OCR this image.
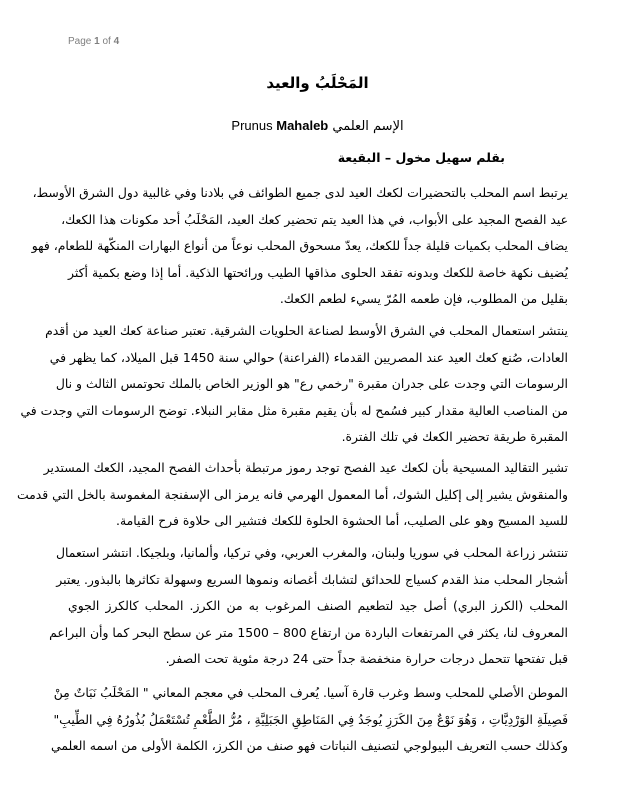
Page 1 of 4
المَحْلَبُ والعيد
الإسم العلمي Prunus Mahaleb
بقلم سهيل مخول – البقيعة
يرتبط اسم المحلب بالتحضيرات لكعك العيد لدى جميع الطوائف في بلادنا وفي غالبية دول الشرق الأوسط،
عيد الفصح المجيد على الأبواب، في هذا العيد يتم تحضير كعك العيد، المَحْلَبُ أحد مكونات هذا الكعك،
يضاف المحلب بكميات قليلة جداً للكعك، يعدّ مسحوق المحلب نوعاً من أنواع البهارات المنكّهة للطعام، فهو
يُضيف نكهة خاصة للكعك وبدونه تفقد الحلوى مذاقها الطيب ورائحتها الذكية. أما إذا وضع بكمية أكثر
بقليل من المطلوب، فإن طعمه المُرّ يسيء لطعم الكعك.
ينتشر استعمال المحلب في الشرق الأوسط لصناعة الحلويات الشرقية. تعتبر صناعة كعك العيد من أقدم
العادات، صُنع كعك العيد عند المصريين القدماء (الفراعنة) حوالي سنة 1450 قبل الميلاد، كما يظهر في
الرسومات التي وجدت على جدران مقبرة "رخمي رع" هو الوزير الخاص بالملك تحوتمس الثالث و نال
من المناصب العالية مقدار كبير فسُمح له بأن يقيم مقبرة مثل مقابر النبلاء. توضح الرسومات التي وجدت في
المقبرة طريقة تحضير الكعك في تلك الفترة.
تشير التقاليد المسيحية بأن لكعك عيد الفصح توجد رموز مرتبطة بأحداث الفصح المجيد، الكعك المستدير
والمنقوش يشير إلى إكليل الشوك، أما المعمول الهرمي فانه يرمز الى الإسفنجة المغموسة بالخل التي قدمت
للسيد المسيح وهو على الصليب، أما الحشوة الحلوة للكعك فتشير الى حلاوة فرح القيامة.
تنتشر زراعة المحلب في سوريا ولبنان، والمغرب العربي، وفي تركيا، وألمانيا، وبلجيكا. انتشر استعمال
أشجار المحلب منذ القدم كسياج للحدائق لتشابك أغصانه ونموها السريع وسهولة تكاثرها بالبذور. يعتبر
المحلب (الكرز البري) أصل جيد لتطعيم الصنف المرغوب به من الكرز. المحلب كالكرز الجوي
المعروف لنا، يكثر في المرتفعات الباردة من ارتفاع 800 – 1500 متر عن سطح البحر كما وأن البراعم
قبل تفتحها تتحمل درجات حرارة منخفضة جداً حتى 24 درجة مئوية تحت الصفر.
الموطن الأصلي للمحلب وسط وغرب قارة آسيا. يُعرف المحلب في معجم المعاني " المَحْلَبُ نَبَاتٌ مِنْ
فَصِيلَةِ الوَرْدِيَّاتِ ، وَهُوَ نَوْعٌ مِنَ الكَرَزِ يُوجَدُ فِي المَنَاطِقِ الجَبَلِيَّةِ ، مُرُّ الطَّعْمِ تُسْتَعْمَلُ بُذُورُهُ فِي الطِّيبِ"
وكذلك حسب التعريف البيولوجي لتصنيف النباتات فهو صنف من الكرز، الكلمة الأولى من اسمه العلمي
